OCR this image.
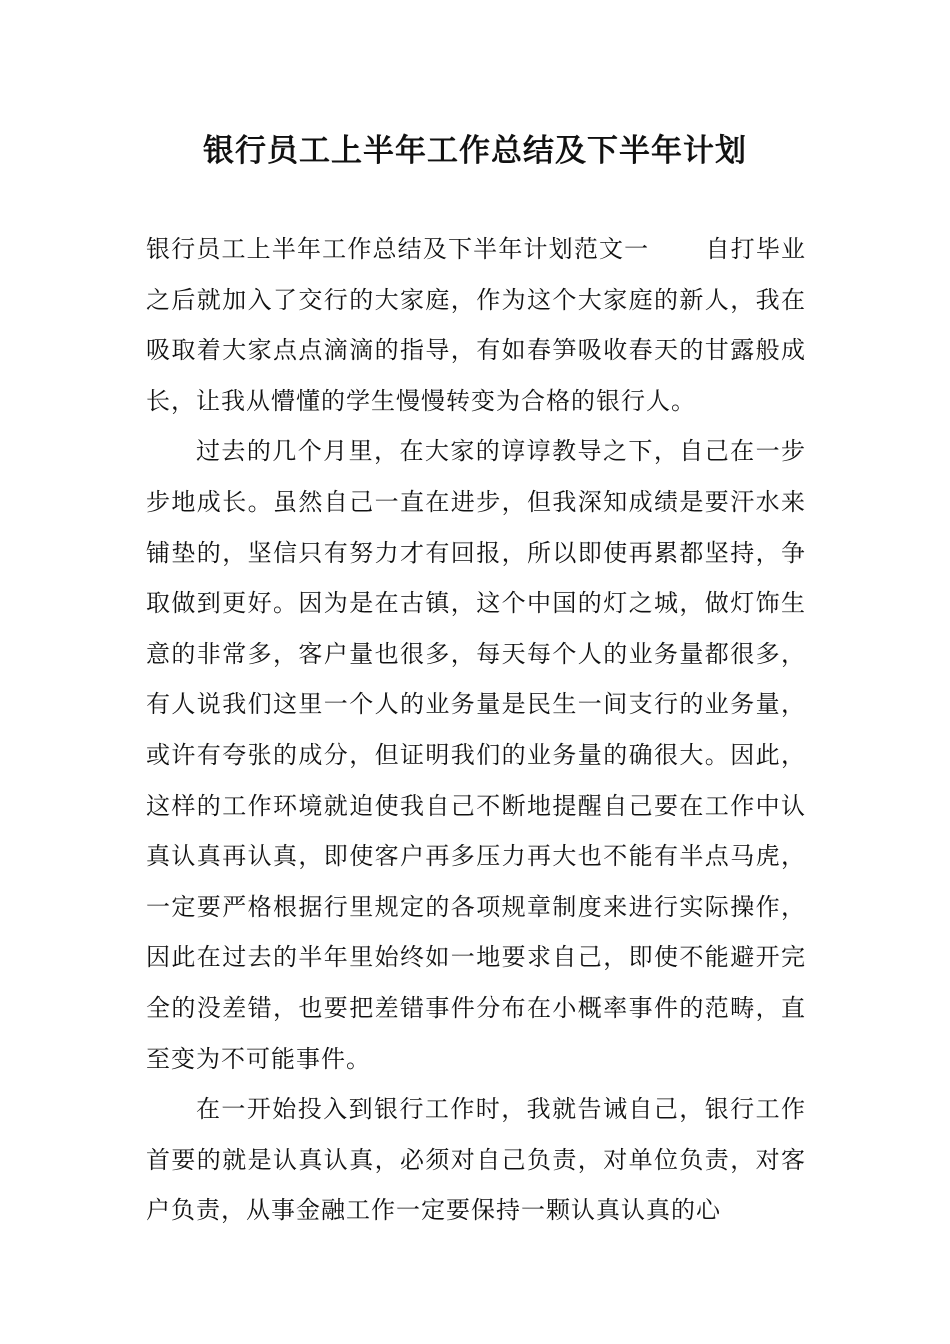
银行员工上半年工作总结及下半年计划

银行员工上半年工作总结及下半年计划范文一 自打毕业之后就加入了交行的大家庭，作为这个大家庭的新人，我在吸取着大家点点滴滴的指导，有如春笋吸收春天的甘露般成长，让我从懵懂的学生慢慢转变为合格的银行人。

过去的几个月里，在大家的谆谆教导之下，自己在一步步地成长。虽然自己一直在进步，但我深知成绩是要汗水来铺垫的，坚信只有努力才有回报，所以即使再累都坚持，争取做到更好。因为是在古镇，这个中国的灯之城，做灯饰生意的非常多，客户量也很多，每天每个人的业务量都很多，有人说我们这里一个人的业务量是民生一间支行的业务量，或许有夸张的成分，但证明我们的业务量的确很大。因此，这样的工作环境就迫使我自己不断地提醒自己要在工作中认真认真再认真，即使客户再多压力再大也不能有半点马虎，一定要严格根据行里规定的各项规章制度来进行实际操作，因此在过去的半年里始终如一地要求自己，即使不能避开完全的没差错，也要把差错事件分布在小概率事件的范畴，直至变为不可能事件。

在一开始投入到银行工作时，我就告诫自己，银行工作首要的就是认真认真，必须对自己负责，对单位负责，对客户负责，从事金融工作一定要保持一颗认真认真的心
